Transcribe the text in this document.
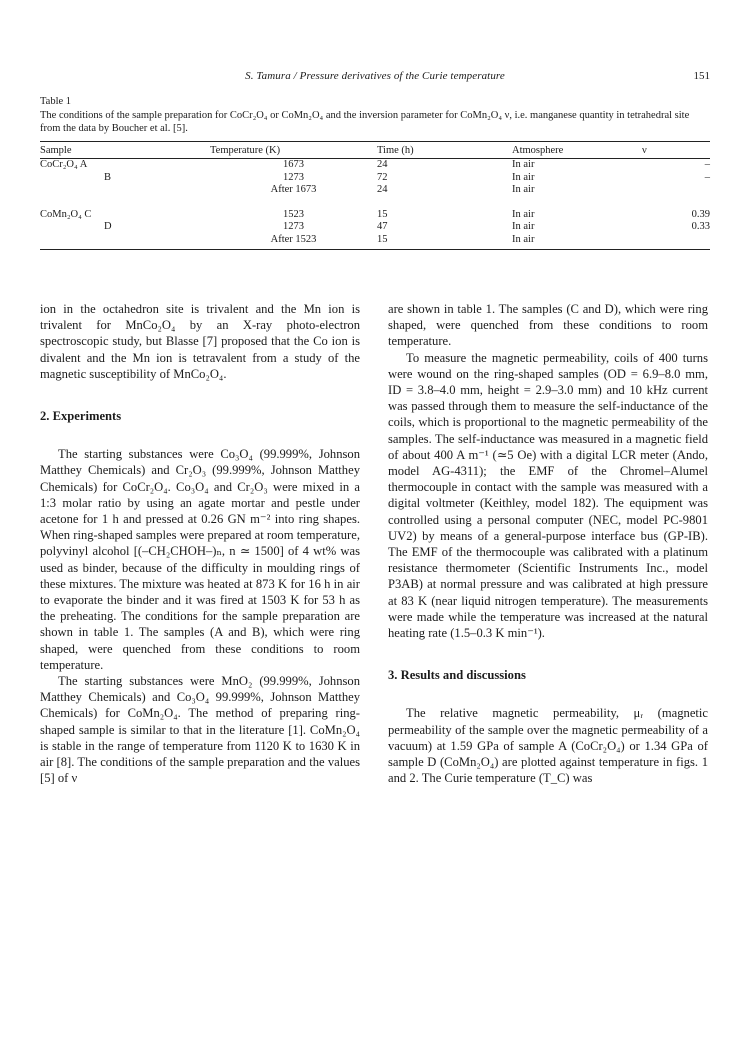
S. Tamura / Pressure derivatives of the Curie temperature	151
Table 1
The conditions of the sample preparation for CoCr₂O₄ or CoMn₂O₄ and the inversion parameter for CoMn₂O₄ ν, i.e. manganese quantity in tetrahedral site from the data by Boucher et al. [5].
Sample	Temperature (K)	Time (h)	Atmosphere	ν
CoCr₂O₄ A	1673	24	In air	–
B	1273	72	In air	–
	After 1673	24	In air	

CoMn₂O₄ C	1523	15	In air	0.39
D	1273	47	In air	0.33
	After 1523	15	In air	

ion in the octahedron site is trivalent and the Mn ion is trivalent for MnCo₂O₄ by an X-ray photo-electron spectroscopic study, but Blasse [7] proposed that the Co ion is divalent and the Mn ion is tetravalent from a study of the magnetic susceptibility of MnCo₂O₄.

2. Experiments

The starting substances were Co₃O₄ (99.999%, Johnson Matthey Chemicals) and Cr₂O₃ (99.999%, Johnson Matthey Chemicals) for CoCr₂O₄. Co₃O₄ and Cr₂O₃ were mixed in a 1:3 molar ratio by using an agate mortar and pestle under acetone for 1 h and pressed at 0.26 GN m⁻² into ring shapes. When ring-shaped samples were prepared at room temperature, polyvinyl alcohol [(–CH₂CHOH–)ₙ, n ≃ 1500] of 4 wt% was used as binder, because of the difficulty in moulding rings of these mixtures. The mixture was heated at 873 K for 16 h in air to evaporate the binder and it was fired at 1503 K for 53 h as the preheating. The conditions for the sample preparation are shown in table 1. The samples (A and B), which were ring shaped, were quenched from these conditions to room temperature.

The starting substances were MnO₂ (99.999%, Johnson Matthey Chemicals) and Co₃O₄ 99.999%, Johnson Matthey Chemicals) for CoMn₂O₄. The method of preparing ring-shaped sample is similar to that in the literature [1]. CoMn₂O₄ is stable in the range of temperature from 1120 K to 1630 K in air [8]. The conditions of the sample preparation and the values [5] of ν

are shown in table 1. The samples (C and D), which were ring shaped, were quenched from these conditions to room temperature.

To measure the magnetic permeability, coils of 400 turns were wound on the ring-shaped samples (OD = 6.9–8.0 mm, ID = 3.8–4.0 mm, height = 2.9–3.0 mm) and 10 kHz current was passed through them to measure the self-inductance of the coils, which is proportional to the magnetic permeability of the samples. The self-inductance was measured in a magnetic field of about 400 A m⁻¹ (≃5 Oe) with a digital LCR meter (Ando, model AG-4311); the EMF of the Chromel–Alumel thermocouple in contact with the sample was measured with a digital voltmeter (Keithley, model 182). The equipment was controlled using a personal computer (NEC, model PC-9801 UV2) by means of a general-purpose interface bus (GP-IB). The EMF of the thermocouple was calibrated with a platinum resistance thermometer (Scientific Instruments Inc., model P3AB) at normal pressure and was calibrated at high pressure at 83 K (near liquid nitrogen temperature). The measurements were made while the temperature was increased at the natural heating rate (1.5–0.3 K min⁻¹).

3. Results and discussions

The relative magnetic permeability, μᵣ (magnetic permeability of the sample over the magnetic permeability of a vacuum) at 1.59 GPa of sample A (CoCr₂O₄) or 1.34 GPa of sample D (CoMn₂O₄) are plotted against temperature in figs. 1 and 2. The Curie temperature (T_C) was
